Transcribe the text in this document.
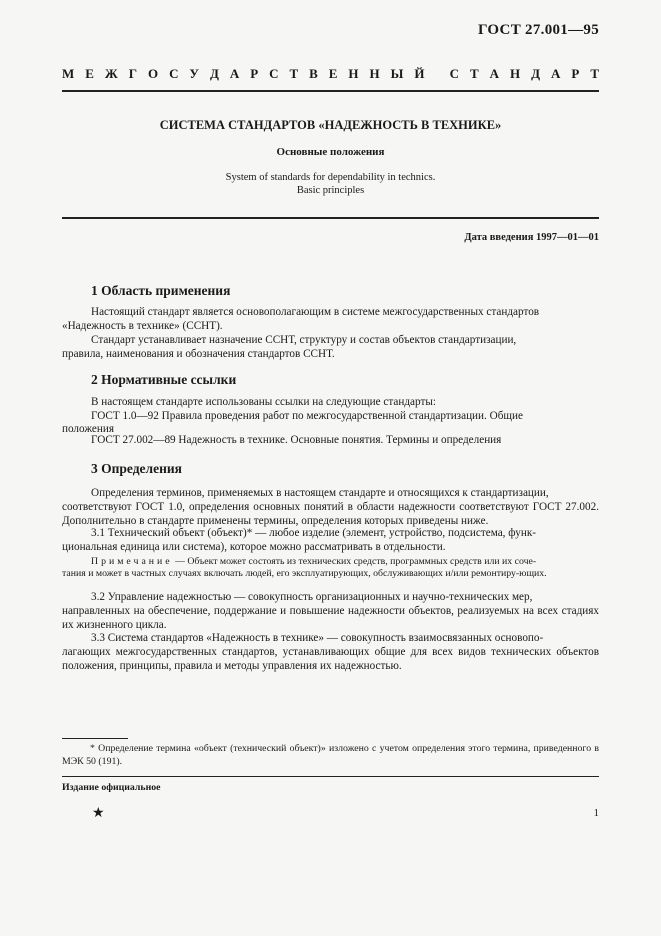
ГОСТ 27.001—95
М Е Ж Г О С У Д А Р С Т В Е Н Н Ы Й
С Т А Н Д А Р Т
СИСТЕМА СТАНДАРТОВ «НАДЕЖНОСТЬ В ТЕХНИКЕ»
Основные положения
System of standards for dependability in technics.
Basic principles
Дата введения 1997—01—01
1 Область применения
Настоящий стандарт является основополагающим в системе межгосударственных стандартов
«Надежность в технике» (ССНТ).
Стандарт устанавливает назначение ССНТ, структуру и состав объектов стандартизации,
правила, наименования и обозначения стандартов ССНТ.
2 Нормативные ссылки
В настоящем стандарте использованы ссылки на следующие стандарты:
ГОСТ 1.0—92 Правила проведения работ по межгосударственной стандартизации. Общие
положения
ГОСТ 27.002—89 Надежность в технике. Основные понятия. Термины и определения
3 Определения
Определения терминов, применяемых в настоящем стандарте и относящихся к стандартизации,
соответствуют ГОСТ 1.0, определения основных понятий в области надежности соответствуют ГОСТ 27.002. Дополнительно в стандарте применены термины, определения которых приведены ниже.
3.1 Технический объект (объект)* — любое изделие (элемент, устройство, подсистема, функ-
циональная единица или система), которое можно рассматривать в отдельности.
Примечание — Объект может состоять из технических средств, программных средств или их соче-
тания и может в частных случаях включать людей, его эксплуатирующих, обслуживающих и/или ремонтиру-ющих.
3.2 Управление надежностью — совокупность организационных и научно-технических мер,
направленных на обеспечение, поддержание и повышение надежности объектов, реализуемых на всех стадиях их жизненного цикла.
3.3 Система стандартов «Надежность в технике» — совокупность взаимосвязанных основопо-
лагающих межгосударственных стандартов, устанавливающих общие для всех видов технических объектов положения, принципы, правила и методы управления их надежностью.
* Определение термина «объект (технический объект)» изложено с учетом определения этого термина, приведенного в МЭК 50 (191).
Издание официальное
★	1
